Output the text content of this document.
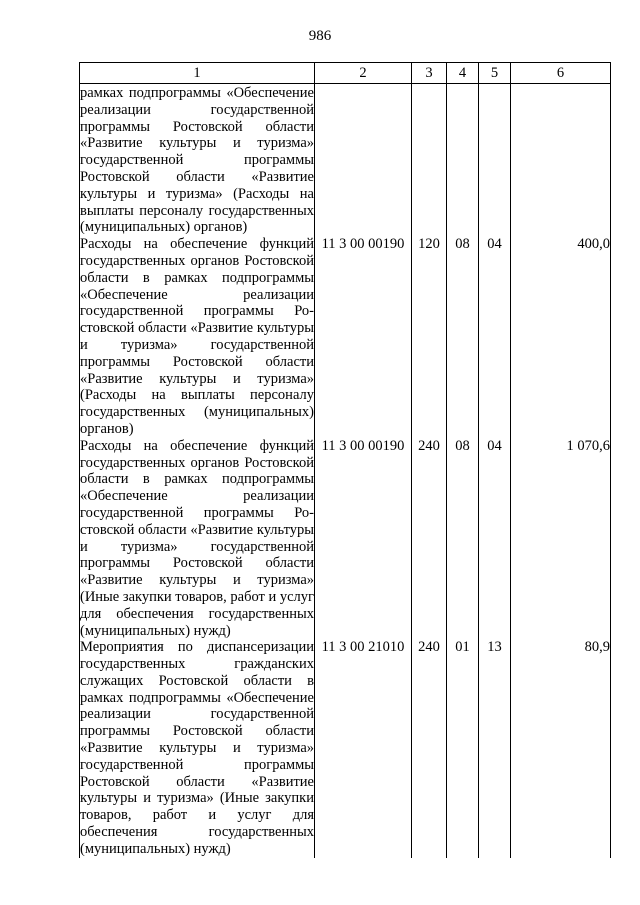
986
1	2	3	4	5	6
рамках подпрограммы «Обеспечение реализации государственной программы Ростовской области «Развитие культуры и туризма» государственной программы Ростовской области «Развитие культуры и туризма» (Расходы на выплаты персоналу государственных (муниципальных) органов)					
Расходы на обеспечение функций государственных органов Ростовской области в рамках подпрограммы «Обеспечение реализации государственной программы Ростовской области «Развитие культуры и туризма» государственной программы Ростовской области «Развитие культуры и туризма» (Расходы на выплаты персоналу государственных (муниципальных) органов)	11 3 00 00190	120	08	04	400,0
Расходы на обеспечение функций государственных органов Ростовской области в рамках подпрограммы «Обеспечение реализации государственной программы Ростовской области «Развитие культуры и туризма» государственной программы Ростовской области «Развитие культуры и туризма» (Иные закупки товаров, работ и услуг для обеспечения государственных (муниципальных) нужд)	11 3 00 00190	240	08	04	1 070,6
Мероприятия по диспансеризации государственных гражданских служащих Ростовской области в рамках подпрограммы «Обеспечение реализации государственной программы Ростовской области «Развитие культуры и туризма» государственной программы Ростовской области «Развитие культуры и туризма» (Иные закупки товаров, работ и услуг для обеспечения государственных (муниципальных) нужд)	11 3 00 21010	240	01	13	80,9
